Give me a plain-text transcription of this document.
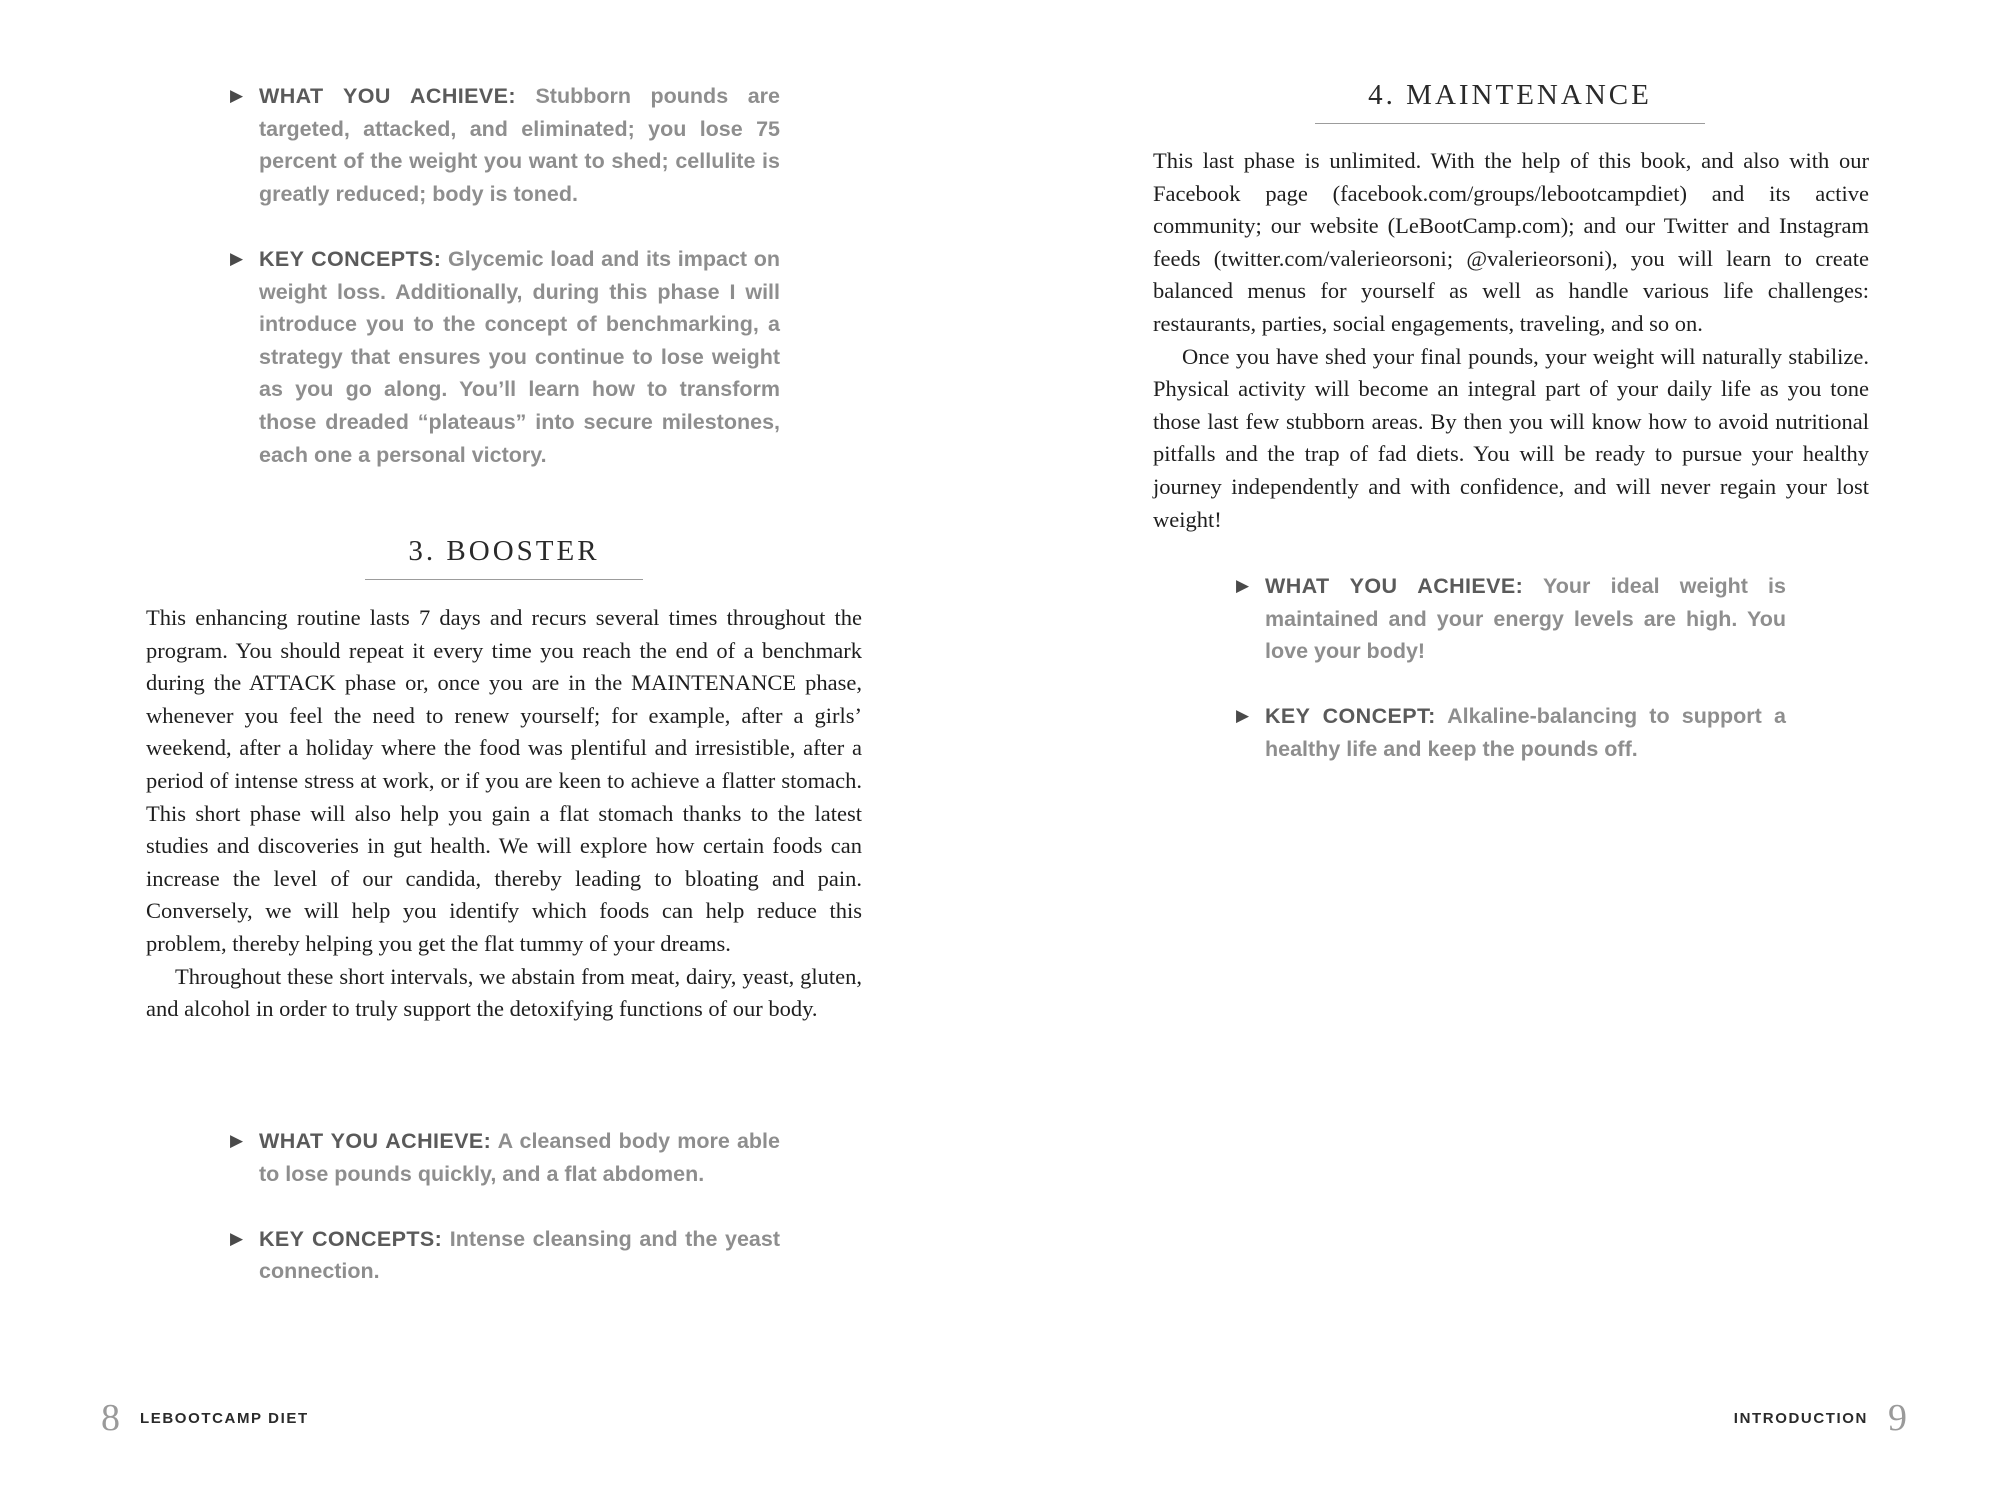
▶ WHAT YOU ACHIEVE: Stubborn pounds are targeted, attacked, and eliminated; you lose 75 percent of the weight you want to shed; cellulite is greatly reduced; body is toned.
▶ KEY CONCEPTS: Glycemic load and its impact on weight loss. Additionally, during this phase I will introduce you to the concept of benchmarking, a strategy that ensures you continue to lose weight as you go along. You’ll learn how to transform those dreaded “plateaus” into secure milestones, each one a personal victory.
3. BOOSTER

This enhancing routine lasts 7 days and recurs several times throughout the program. You should repeat it every time you reach the end of a benchmark during the ATTACK phase or, once you are in the MAINTENANCE phase, whenever you feel the need to renew yourself; for example, after a girls’ weekend, after a holiday where the food was plentiful and irresistible, after a period of intense stress at work, or if you are keen to achieve a flatter stomach. This short phase will also help you gain a flat stomach thanks to the latest studies and discoveries in gut health. We will explore how certain foods can increase the level of our candida, thereby leading to bloating and pain. Conversely, we will help you identify which foods can help reduce this problem, thereby helping you get the flat tummy of your dreams.

Throughout these short intervals, we abstain from meat, dairy, yeast, gluten, and alcohol in order to truly support the detoxifying functions of our body.

▶ WHAT YOU ACHIEVE: A cleansed body more able to lose pounds quickly, and a flat abdomen.
▶ KEY CONCEPTS: Intense cleansing and the yeast connection.
8 LEBOOTCAMP DIET
4. MAINTENANCE

This last phase is unlimited. With the help of this book, and also with our Facebook page (facebook.com/groups/lebootcampdiet) and its active community; our website (LeBootCamp.com); and our Twitter and Instagram feeds (twitter.com/valerieorsoni; @valerieorsoni), you will learn to create balanced menus for yourself as well as handle various life challenges: restaurants, parties, social engagements, traveling, and so on.

Once you have shed your final pounds, your weight will naturally stabilize. Physical activity will become an integral part of your daily life as you tone those last few stubborn areas. By then you will know how to avoid nutritional pitfalls and the trap of fad diets. You will be ready to pursue your healthy journey independently and with confidence, and will never regain your lost weight!

▶ WHAT YOU ACHIEVE: Your ideal weight is maintained and your energy levels are high. You love your body!
▶ KEY CONCEPT: Alkaline-balancing to support a healthy life and keep the pounds off.
INTRODUCTION 9
